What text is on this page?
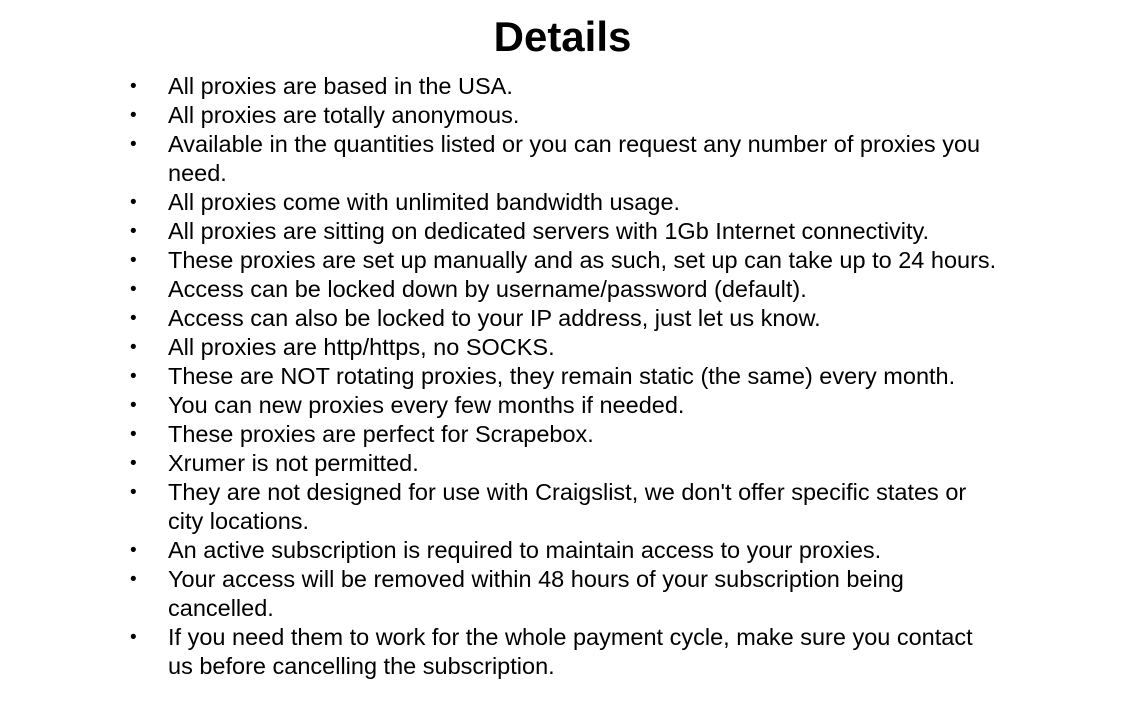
Details
• All proxies are based in the USA.
• All proxies are totally anonymous.
• Available in the quantities listed or you can request any number of proxies you need.
• All proxies come with unlimited bandwidth usage.
• All proxies are sitting on dedicated servers with 1Gb Internet connectivity.
• These proxies are set up manually and as such, set up can take up to 24 hours.
• Access can be locked down by username/password (default).
• Access can also be locked to your IP address, just let us know.
• All proxies are http/https, no SOCKS.
• These are NOT rotating proxies, they remain static (the same) every month.
• You can new proxies every few months if needed.
• These proxies are perfect for Scrapebox.
• Xrumer is not permitted.
• They are not designed for use with Craigslist, we don't offer specific states or city locations.
• An active subscription is required to maintain access to your proxies.
• Your access will be removed within 48 hours of your subscription being cancelled.
• If you need them to work for the whole payment cycle, make sure you contact us before cancelling the subscription.
